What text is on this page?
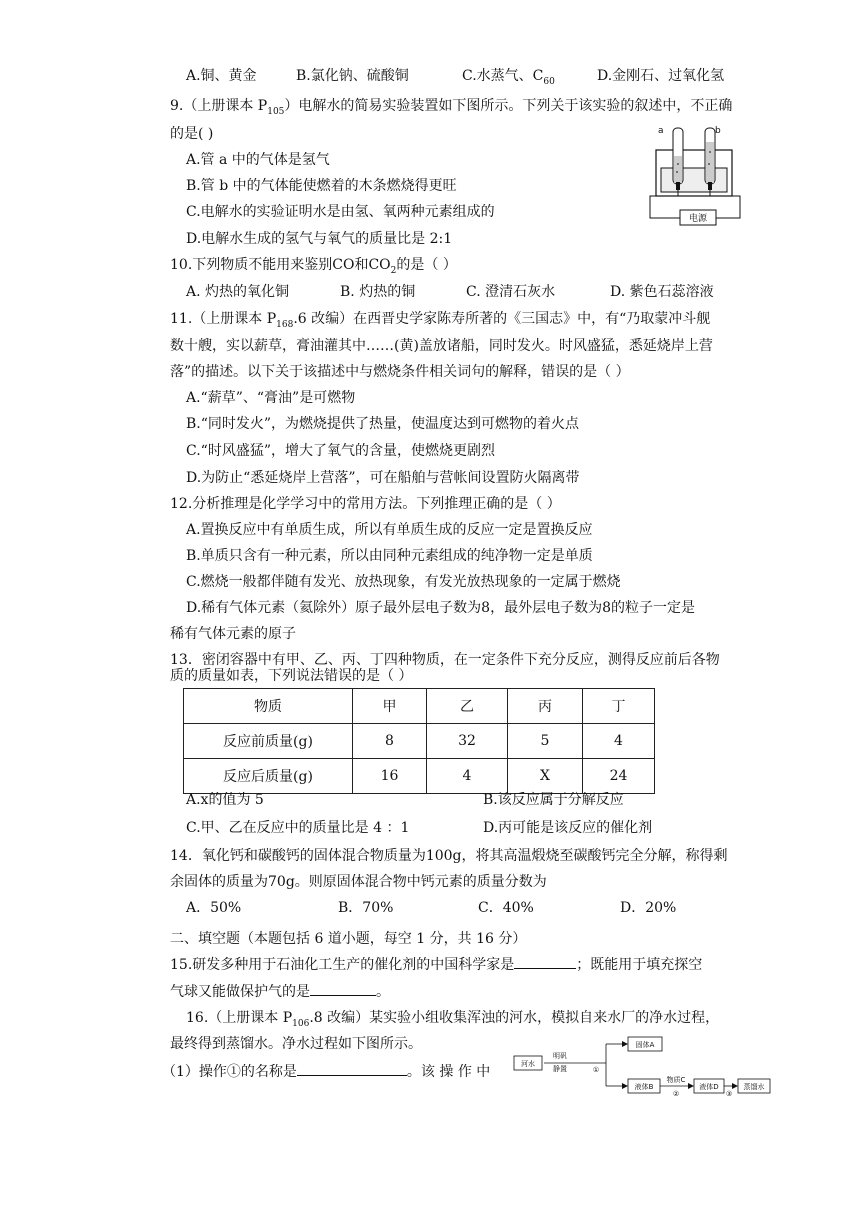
A.铜、黄金	B.氯化钠、硫酸铜	C.水蒸气、$C_{60}$	D.金刚石、过氧化氢
9.（上册课本 $P_{105}$）电解水的简易实验装置如下图所示。下列关于该实验的叙述中，不正确
的是( )
A.管 a 中的气体是氢气
B.管 b 中的气体能使燃着的木条燃烧得更旺
C.电解水的实验证明水是由氢、氧两种元素组成的
D.电解水生成的氢气与氧气的质量比是 2:1
a	b
电源
10.下列物质不能用来鉴别CO和$CO_2$的是（ ）
A. 灼热的氧化铜	B. 灼热的铜	C. 澄清石灰水	D. 紫色石蕊溶液
11.（上册课本 $P_{168}.6$ 改编）在西晋史学家陈寿所著的《三国志》中，有“乃取蒙冲斗舰
数十艘，实以薪草，膏油灌其中……(黄)盖放诸船，同时发火。时风盛猛，悉延烧岸上营
落”的描述。以下关于该描述中与燃烧条件相关词句的解释，错误的是（ ）
A.“薪草”、“膏油”是可燃物
B.“同时发火”，为燃烧提供了热量，使温度达到可燃物的着火点
C.“时风盛猛”，增大了氧气的含量，使燃烧更剧烈
D.为防止“悉延烧岸上营落”，可在船舶与营帐间设置防火隔离带
12.分析推理是化学学习中的常用方法。下列推理正确的是（ ）
A.置换反应中有单质生成，所以有单质生成的反应一定是置换反应
B.单质只含有一种元素，所以由同种元素组成的纯净物一定是单质
C.燃烧一般都伴随有发光、放热现象，有发光放热现象的一定属于燃烧
D.稀有气体元素（氦除外）原子最外层电子数为8，最外层电子数为8的粒子一定是
稀有气体元素的原子
13．密闭容器中有甲、乙、丙、丁四种物质，在一定条件下充分反应，测得反应前后各物
质的质量如表，下列说法错误的是（ ）
物质	甲	乙	丙	丁
反应前质量(g)	8	32	5	4
反应后质量(g)	16	4	X	24
A.x的值为 5	B.该反应属于分解反应
C.甲、乙在反应中的质量比是 4 ：1	D.丙可能是该反应的催化剂
14．氧化钙和碳酸钙的固体混合物质量为100g，将其高温煅烧至碳酸钙完全分解，称得剩
余固体的质量为70g。则原固体混合物中钙元素的质量分数为
A．50%	B．70%	C．40%	D．20%
二、填空题（本题包括 6 道小题，每空 1 分，共 16 分）
15.研发多种用于石油化工生产的催化剂的中国科学家是	；既能用于填充探空
气球又能做保护气的是	。
16.（上册课本 $P_{106}.8$ 改编）某实验小组收集浑浊的河水，模拟自来水厂的净水过程，
最终得到蒸馏水。净水过程如下图所示。
（1）操作①的名称是	。该 操 作 中	河水
明矾
静置	①
固体A
液体B
物质C
②
液体D
③
蒸馏水
